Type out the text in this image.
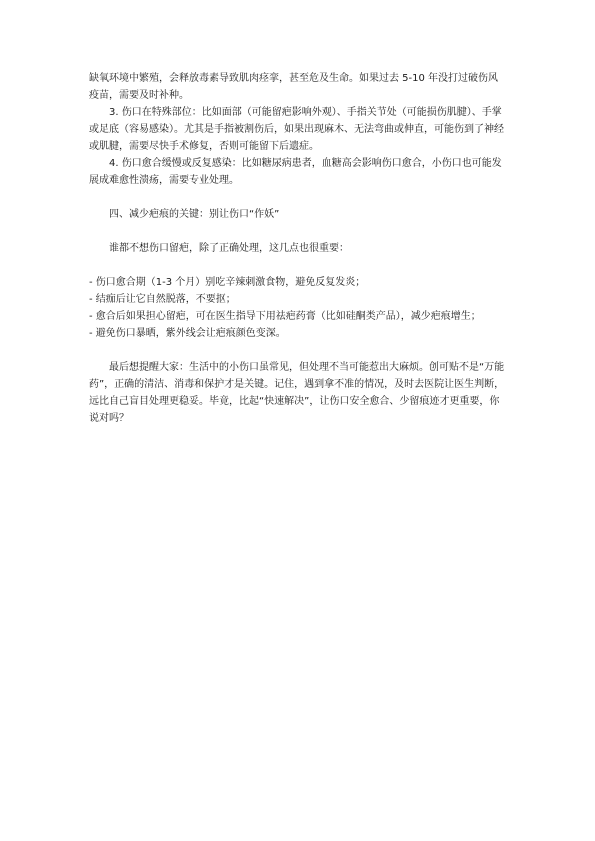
缺氧环境中繁殖，会释放毒素导致肌肉痉挛，甚至危及生命。如果过去 5-10 年没打过破伤风疫苗，需要及时补种。

3. 伤口在特殊部位：比如面部（可能留疤影响外观）、手指关节处（可能损伤肌腱）、手掌或足底（容易感染）。尤其是手指被割伤后，如果出现麻木、无法弯曲或伸直，可能伤到了神经或肌腱，需要尽快手术修复，否则可能留下后遗症。

4. 伤口愈合缓慢或反复感染：比如糖尿病患者，血糖高会影响伤口愈合，小伤口也可能发展成难愈性溃疡，需要专业处理。

四、减少疤痕的关键：别让伤口“作妖”

谁都不想伤口留疤，除了正确处理，这几点也很重要：

- 伤口愈合期（1-3 个月）别吃辛辣刺激食物，避免反复发炎；

- 结痂后让它自然脱落，不要抠；

- 愈合后如果担心留疤，可在医生指导下用祛疤药膏（比如硅酮类产品），减少疤痕增生；

- 避免伤口暴晒，紫外线会让疤痕颜色变深。

最后想提醒大家：生活中的小伤口虽常见，但处理不当可能惹出大麻烦。创可贴不是“万能药”，正确的清洁、消毒和保护才是关键。记住，遇到拿不准的情况，及时去医院让医生判断，远比自己盲目处理更稳妥。毕竟，比起“快速解决”，让伤口安全愈合、少留痕迹才更重要，你说对吗？
